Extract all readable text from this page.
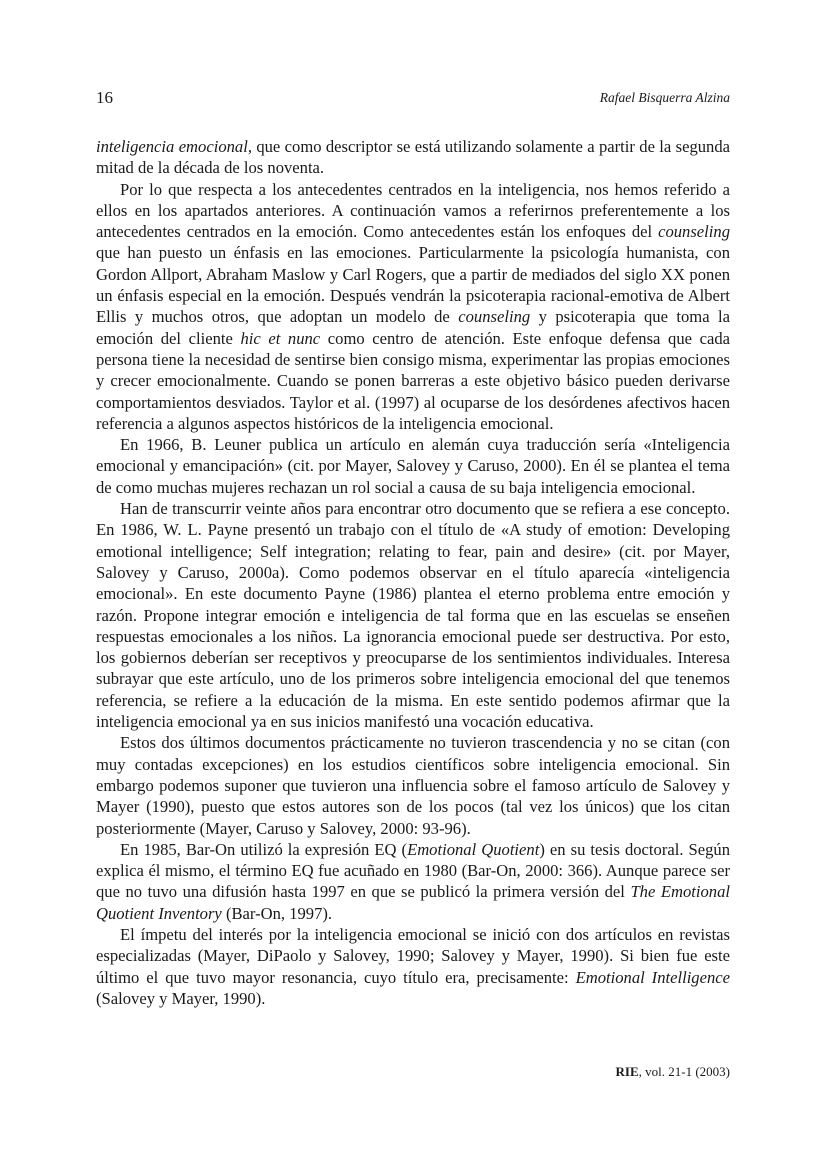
16	Rafael Bisquerra Alzina

inteligencia emocional, que como descriptor se está utilizando solamente a partir de la segunda mitad de la década de los noventa.

Por lo que respecta a los antecedentes centrados en la inteligencia, nos hemos referido a ellos en los apartados anteriores. A continuación vamos a referirnos preferentemente a los antecedentes centrados en la emoción. Como antecedentes están los enfoques del counseling que han puesto un énfasis en las emociones. Particularmente la psicología humanista, con Gordon Allport, Abraham Maslow y Carl Rogers, que a partir de mediados del siglo XX ponen un énfasis especial en la emoción. Después vendrán la psicoterapia racional-emotiva de Albert Ellis y muchos otros, que adoptan un modelo de counseling y psicoterapia que toma la emoción del cliente hic et nunc como centro de atención. Este enfoque defensa que cada persona tiene la necesidad de sentirse bien consigo misma, experimentar las propias emociones y crecer emocionalmente. Cuando se ponen barreras a este objetivo básico pueden derivarse comportamientos desviados. Taylor et al. (1997) al ocuparse de los desórdenes afectivos hacen referencia a algunos aspectos históricos de la inteligencia emocional.

En 1966, B. Leuner publica un artículo en alemán cuya traducción sería «Inteligencia emocional y emancipación» (cit. por Mayer, Salovey y Caruso, 2000). En él se plantea el tema de como muchas mujeres rechazan un rol social a causa de su baja inteligencia emocional.

Han de transcurrir veinte años para encontrar otro documento que se refiera a ese concepto. En 1986, W. L. Payne presentó un trabajo con el título de «A study of emotion: Developing emotional intelligence; Self integration; relating to fear, pain and desire» (cit. por Mayer, Salovey y Caruso, 2000a). Como podemos observar en el título aparecía «inteligencia emocional». En este documento Payne (1986) plantea el eterno problema entre emoción y razón. Propone integrar emoción e inteligencia de tal forma que en las escuelas se enseñen respuestas emocionales a los niños. La ignorancia emocional puede ser destructiva. Por esto, los gobiernos deberían ser receptivos y preocuparse de los sentimientos individuales. Interesa subrayar que este artículo, uno de los primeros sobre inteligencia emocional del que tenemos referencia, se refiere a la educación de la misma. En este sentido podemos afirmar que la inteligencia emocional ya en sus inicios manifestó una vocación educativa.

Estos dos últimos documentos prácticamente no tuvieron trascendencia y no se citan (con muy contadas excepciones) en los estudios científicos sobre inteligencia emocional. Sin embargo podemos suponer que tuvieron una influencia sobre el famoso artículo de Salovey y Mayer (1990), puesto que estos autores son de los pocos (tal vez los únicos) que los citan posteriormente (Mayer, Caruso y Salovey, 2000: 93-96).

En 1985, Bar-On utilizó la expresión EQ (Emotional Quotient) en su tesis doctoral. Según explica él mismo, el término EQ fue acuñado en 1980 (Bar-On, 2000: 366). Aunque parece ser que no tuvo una difusión hasta 1997 en que se publicó la primera versión del The Emotional Quotient Inventory (Bar-On, 1997).

El ímpetu del interés por la inteligencia emocional se inició con dos artículos en revistas especializadas (Mayer, DiPaolo y Salovey, 1990; Salovey y Mayer, 1990). Si bien fue este último el que tuvo mayor resonancia, cuyo título era, precisamente: Emotional Intelligence (Salovey y Mayer, 1990).

RIE, vol. 21-1 (2003)
